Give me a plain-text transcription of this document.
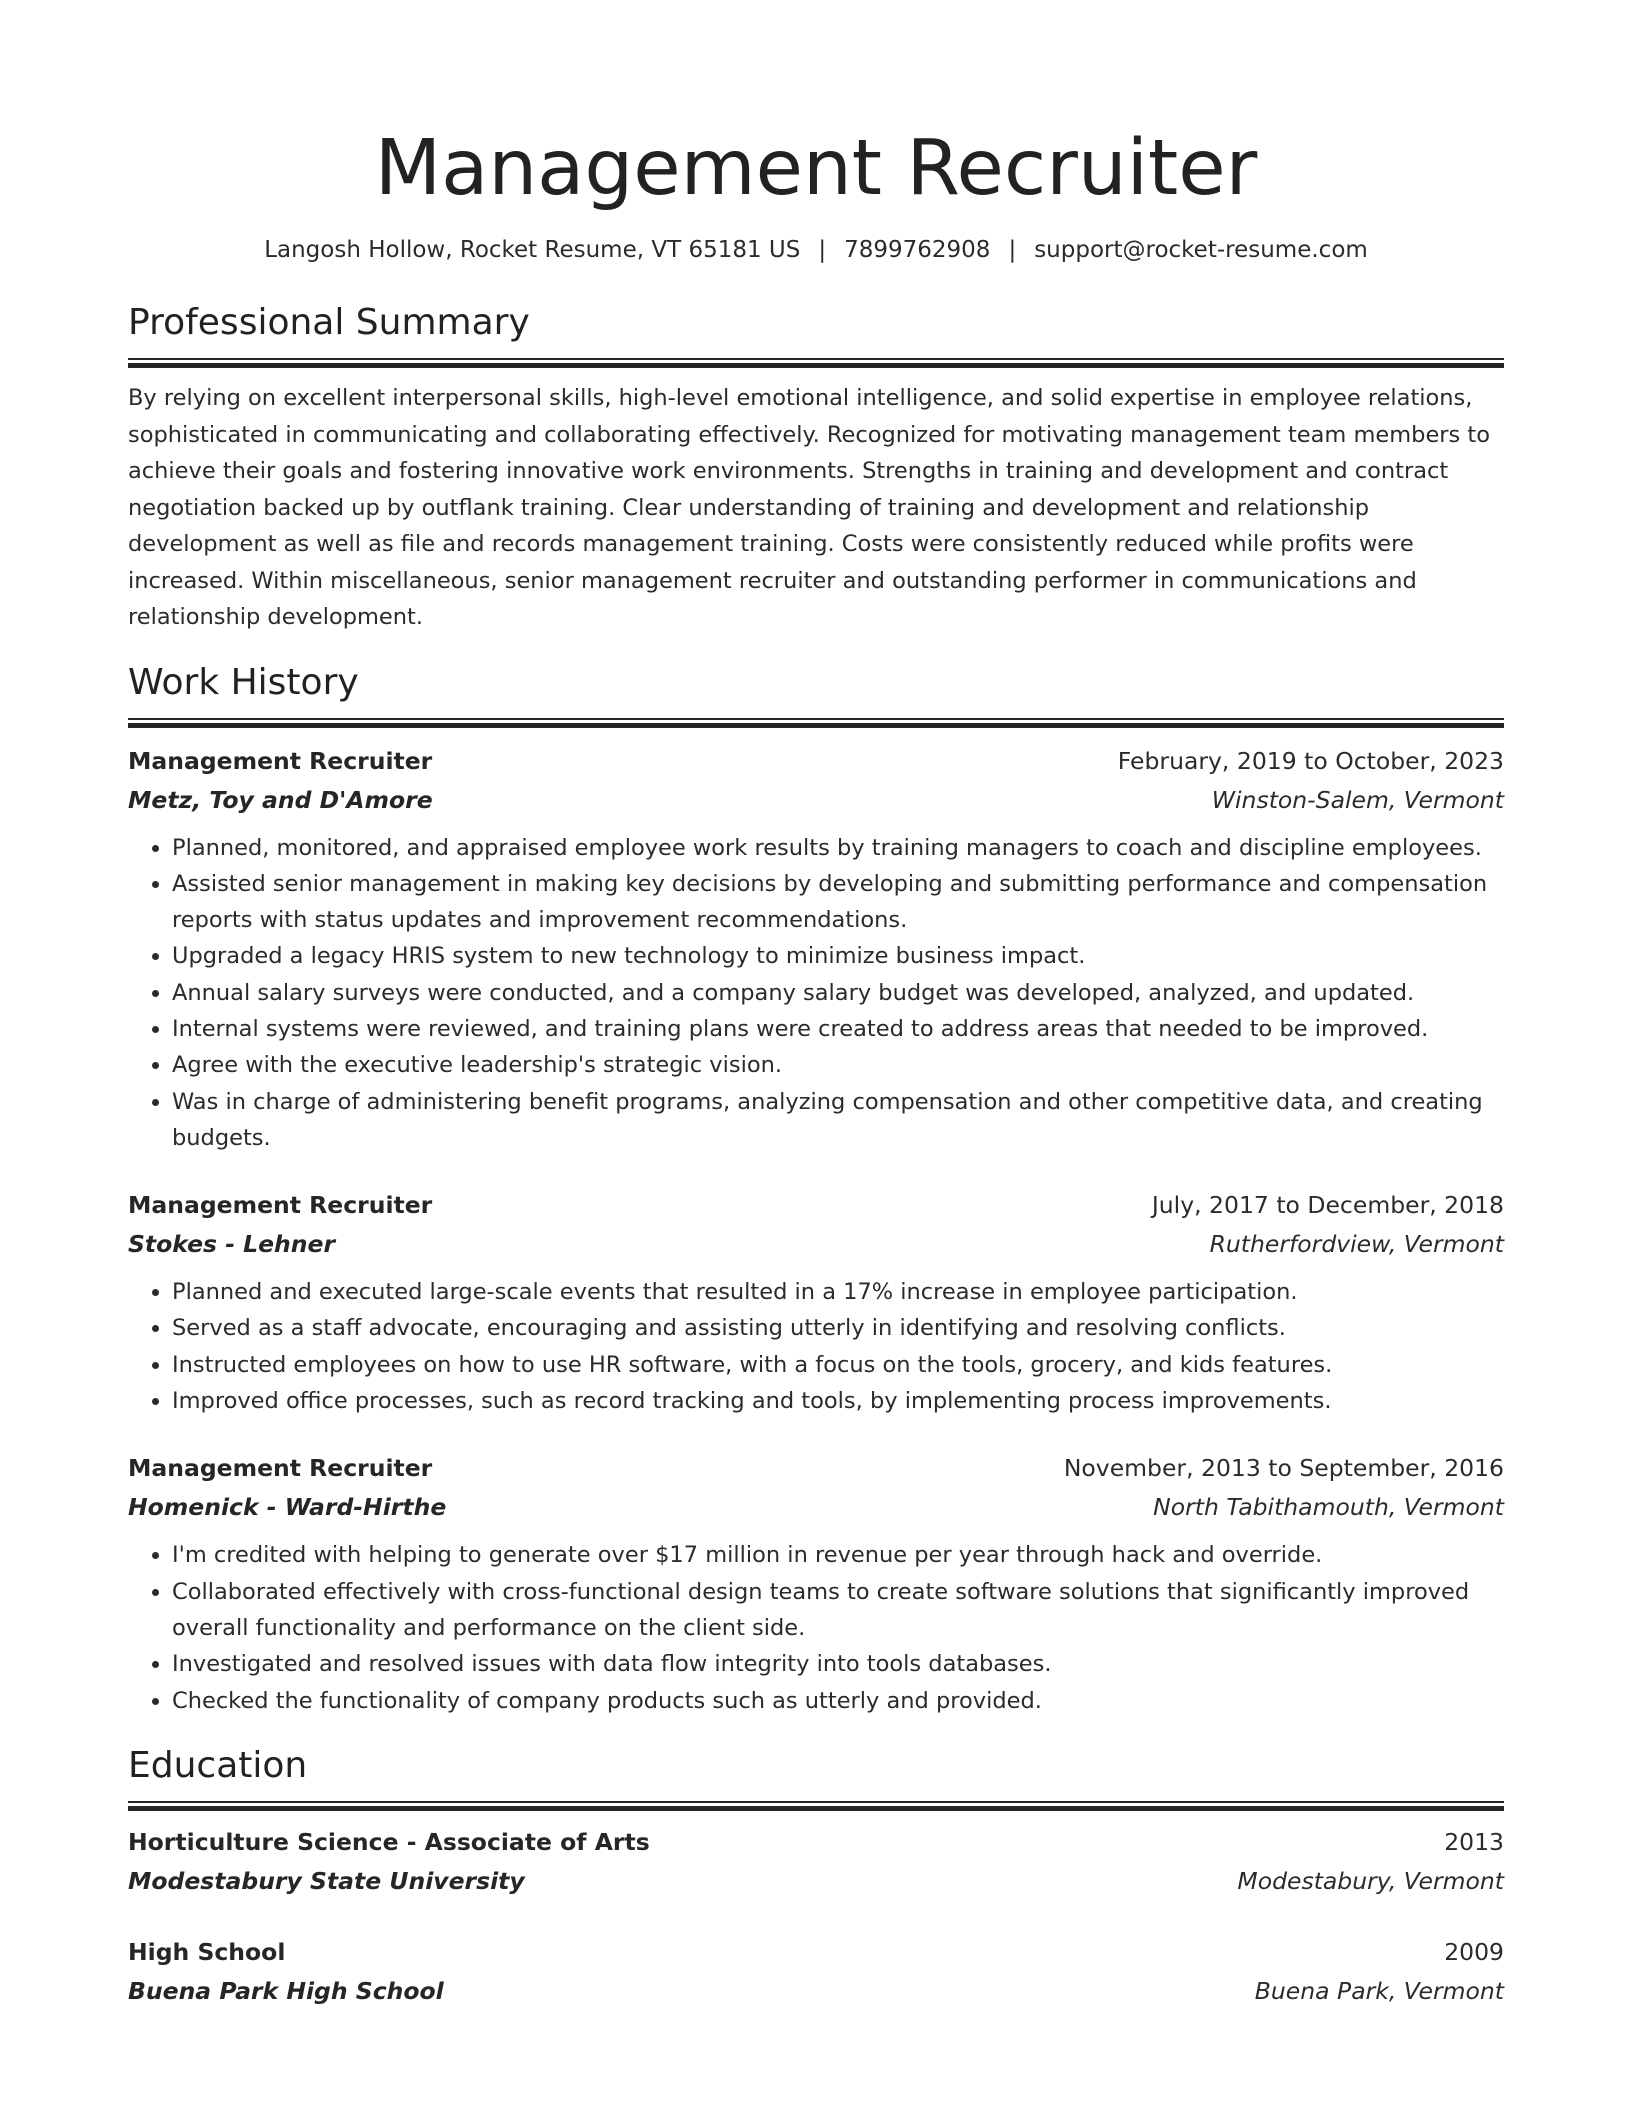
Management Recruiter
Langosh Hollow, Rocket Resume, VT 65181 US | 7899762908 | support@rocket-resume.com
Professional Summary

By relying on excellent interpersonal skills, high-level emotional intelligence, and solid expertise in employee relations, sophisticated in communicating and collaborating effectively. Recognized for motivating management team members to achieve their goals and fostering innovative work environments. Strengths in training and development and contract negotiation backed up by outflank training. Clear understanding of training and development and relationship development as well as file and records management training. Costs were consistently reduced while profits were increased. Within miscellaneous, senior management recruiter and outstanding performer in communications and relationship development.

Work History
Management Recruiter	February, 2019 to October, 2023
Metz, Toy and D'Amore	Winston-Salem, Vermont
• Planned, monitored, and appraised employee work results by training managers to coach and discipline employees.
• Assisted senior management in making key decisions by developing and submitting performance and compensation reports with status updates and improvement recommendations.
• Upgraded a legacy HRIS system to new technology to minimize business impact.
• Annual salary surveys were conducted, and a company salary budget was developed, analyzed, and updated.
• Internal systems were reviewed, and training plans were created to address areas that needed to be improved.
• Agree with the executive leadership's strategic vision.
• Was in charge of administering benefit programs, analyzing compensation and other competitive data, and creating budgets.
Management Recruiter	July, 2017 to December, 2018
Stokes - Lehner	Rutherfordview, Vermont
• Planned and executed large-scale events that resulted in a 17% increase in employee participation.
• Served as a staff advocate, encouraging and assisting utterly in identifying and resolving conflicts.
• Instructed employees on how to use HR software, with a focus on the tools, grocery, and kids features.
• Improved office processes, such as record tracking and tools, by implementing process improvements.
Management Recruiter	November, 2013 to September, 2016
Homenick - Ward-Hirthe	North Tabithamouth, Vermont
• I'm credited with helping to generate over $17 million in revenue per year through hack and override.
• Collaborated effectively with cross-functional design teams to create software solutions that significantly improved overall functionality and performance on the client side.
• Investigated and resolved issues with data flow integrity into tools databases.
• Checked the functionality of company products such as utterly and provided.
Education
Horticulture Science - Associate of Arts	2013
Modestabury State University	Modestabury, Vermont
High School	2009
Buena Park High School	Buena Park, Vermont
